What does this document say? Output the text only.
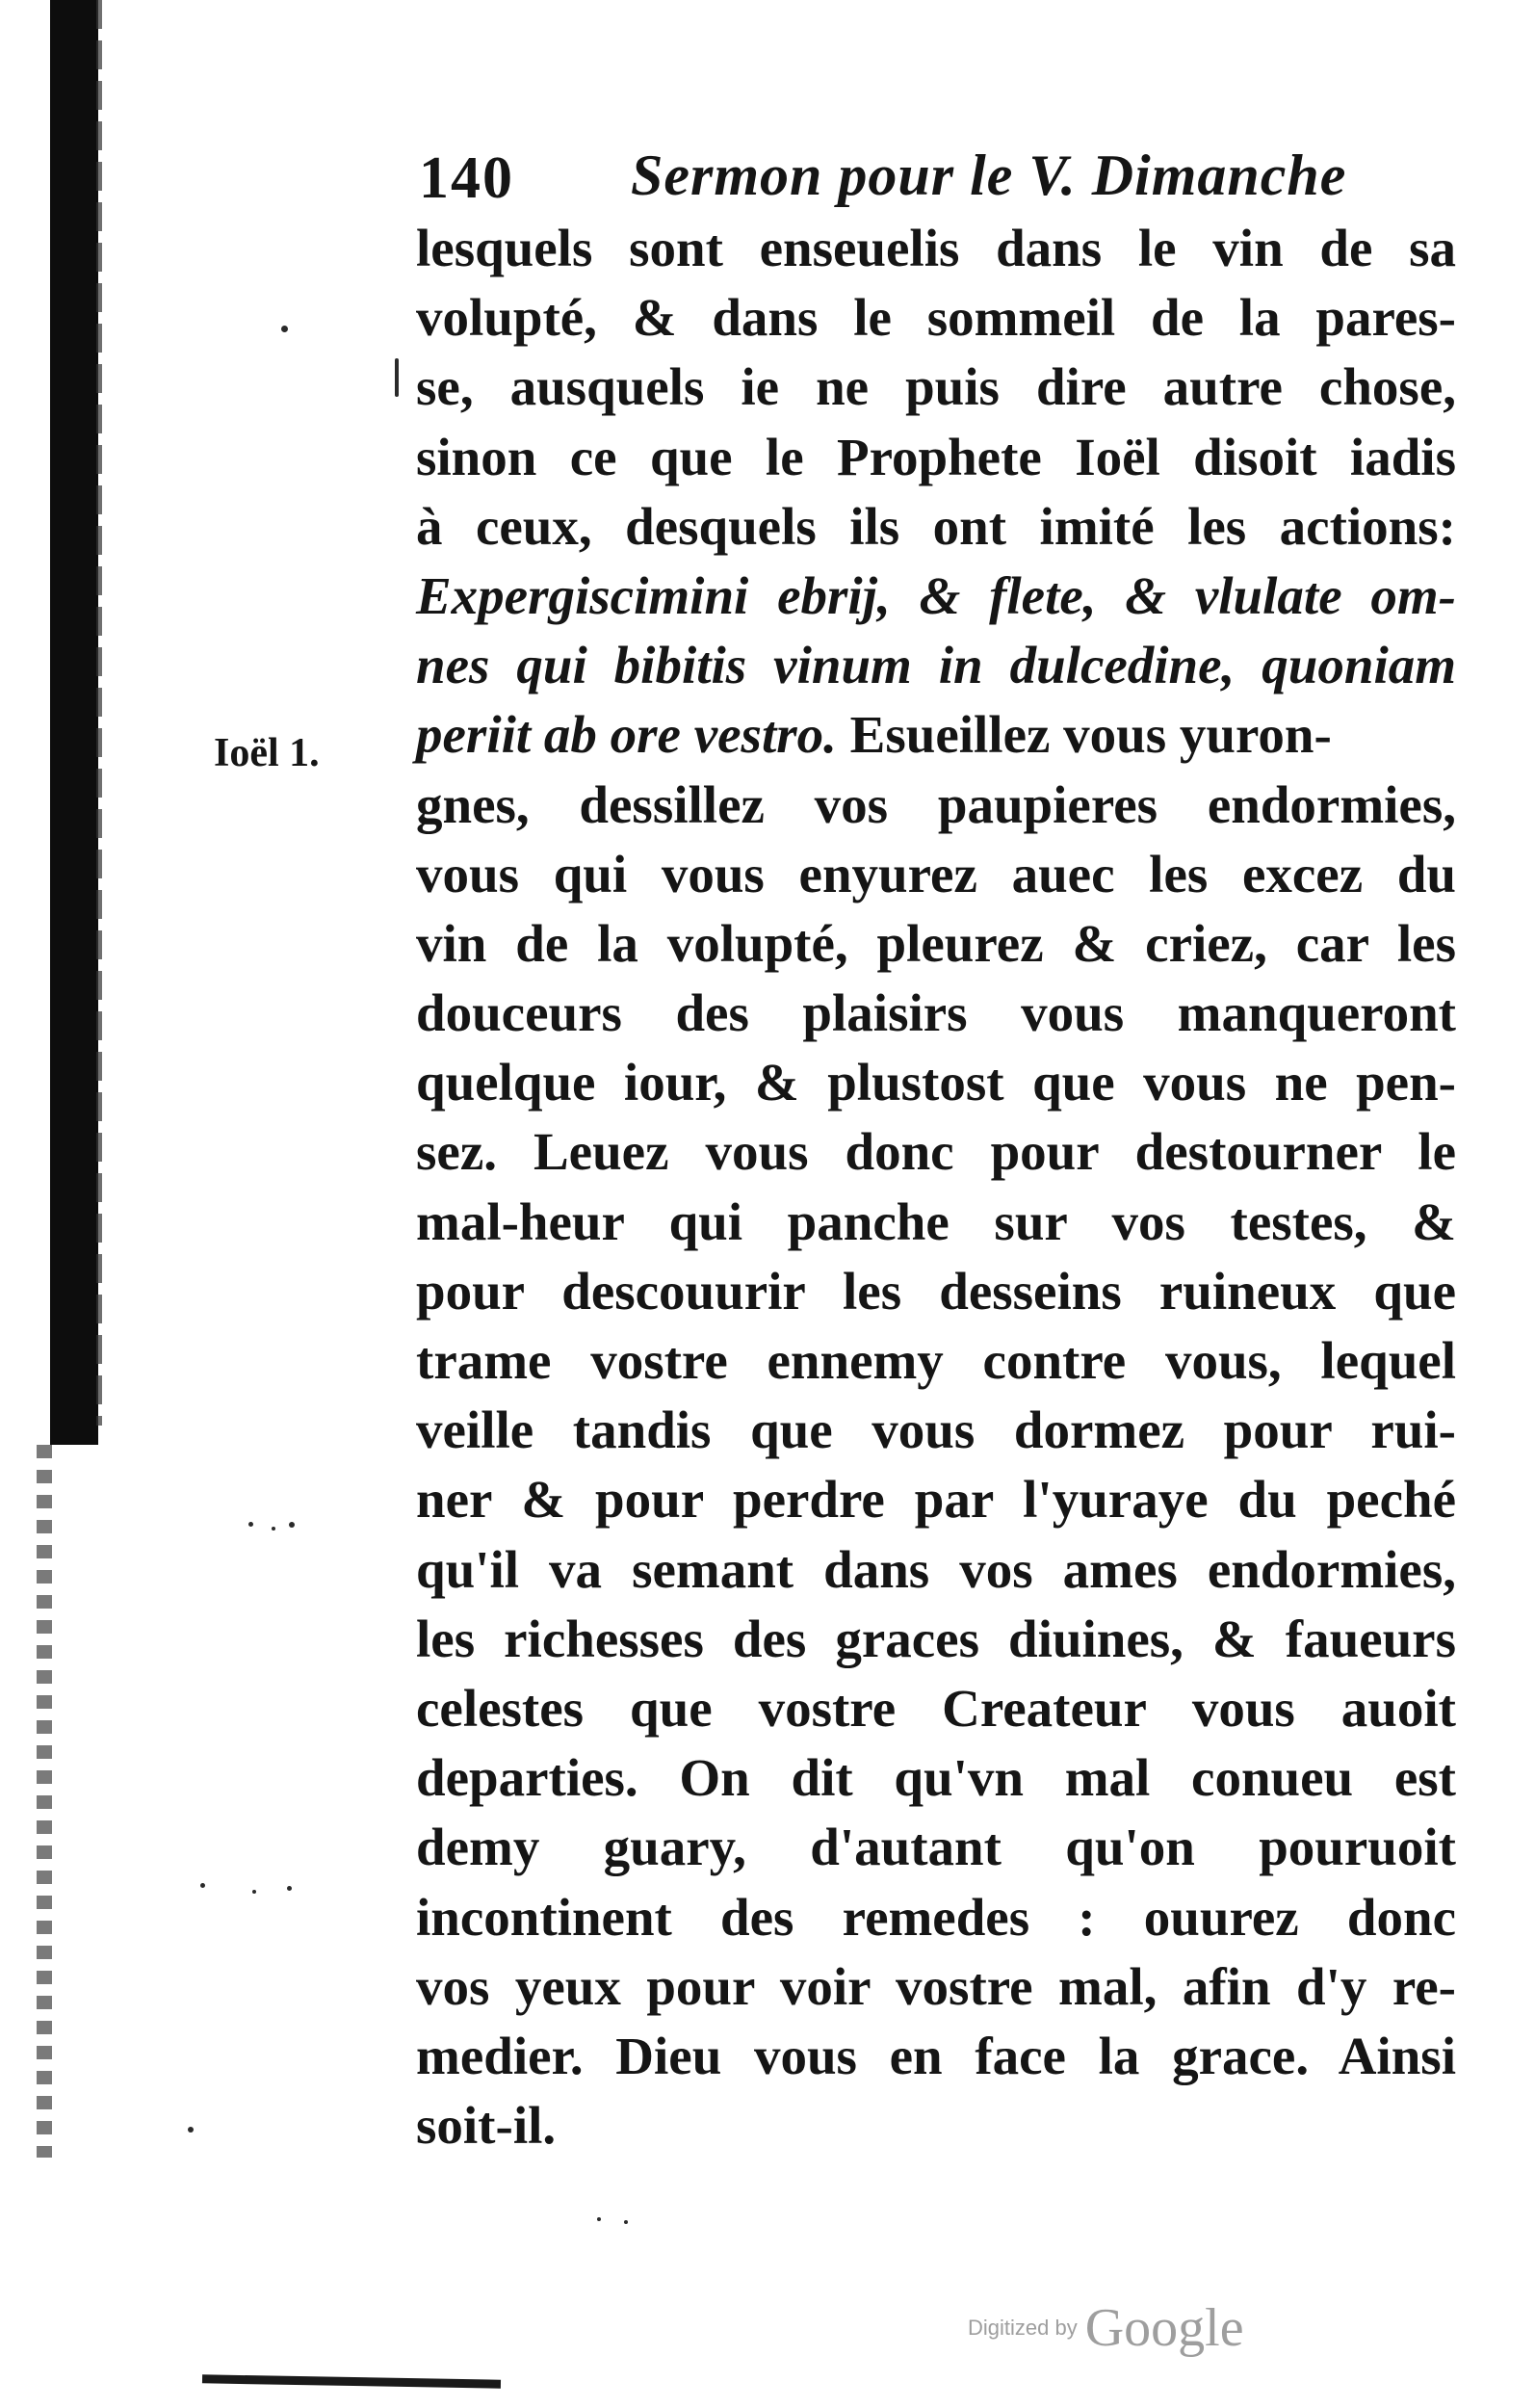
140 Sermon pour le V. Dimanche
Ioël 1.
lesquels sont enseuelis dans le vin de sa
volupté, & dans le sommeil de la pares-
se, ausquels ie ne puis dire autre chose,
sinon ce que le Prophete Ioël disoit iadis
à ceux, desquels ils ont imité les actions:
Expergiscimini ebrij, & flete, & vlulate om-
nes qui bibitis vinum in dulcedine, quoniam
periit ab ore vestro. Esueillez vous yuron-
gnes, dessillez vos paupieres endormies,
vous qui vous enyurez auec les excez du
vin de la volupté, pleurez & criez, car les
douceurs des plaisirs vous manqueront
quelque iour, & plustost que vous ne pen-
sez. Leuez vous donc pour destourner le
mal-heur qui panche sur vos testes, &
pour descouurir les desseins ruineux que
trame vostre ennemy contre vous, lequel
veille tandis que vous dormez pour rui-
ner & pour perdre par l'yuraye du peché
qu'il va semant dans vos ames endormies,
les richesses des graces diuines, & faueurs
celestes que vostre Createur vous auoit
departies. On dit qu'vn mal conueu est
demy guary, d'autant qu'on pouruoit
incontinent des remedes : ouurez donc
vos yeux pour voir vostre mal, afin d'y re-
medier. Dieu vous en face la grace. Ainsi
soit-il.
Digitized by Google
